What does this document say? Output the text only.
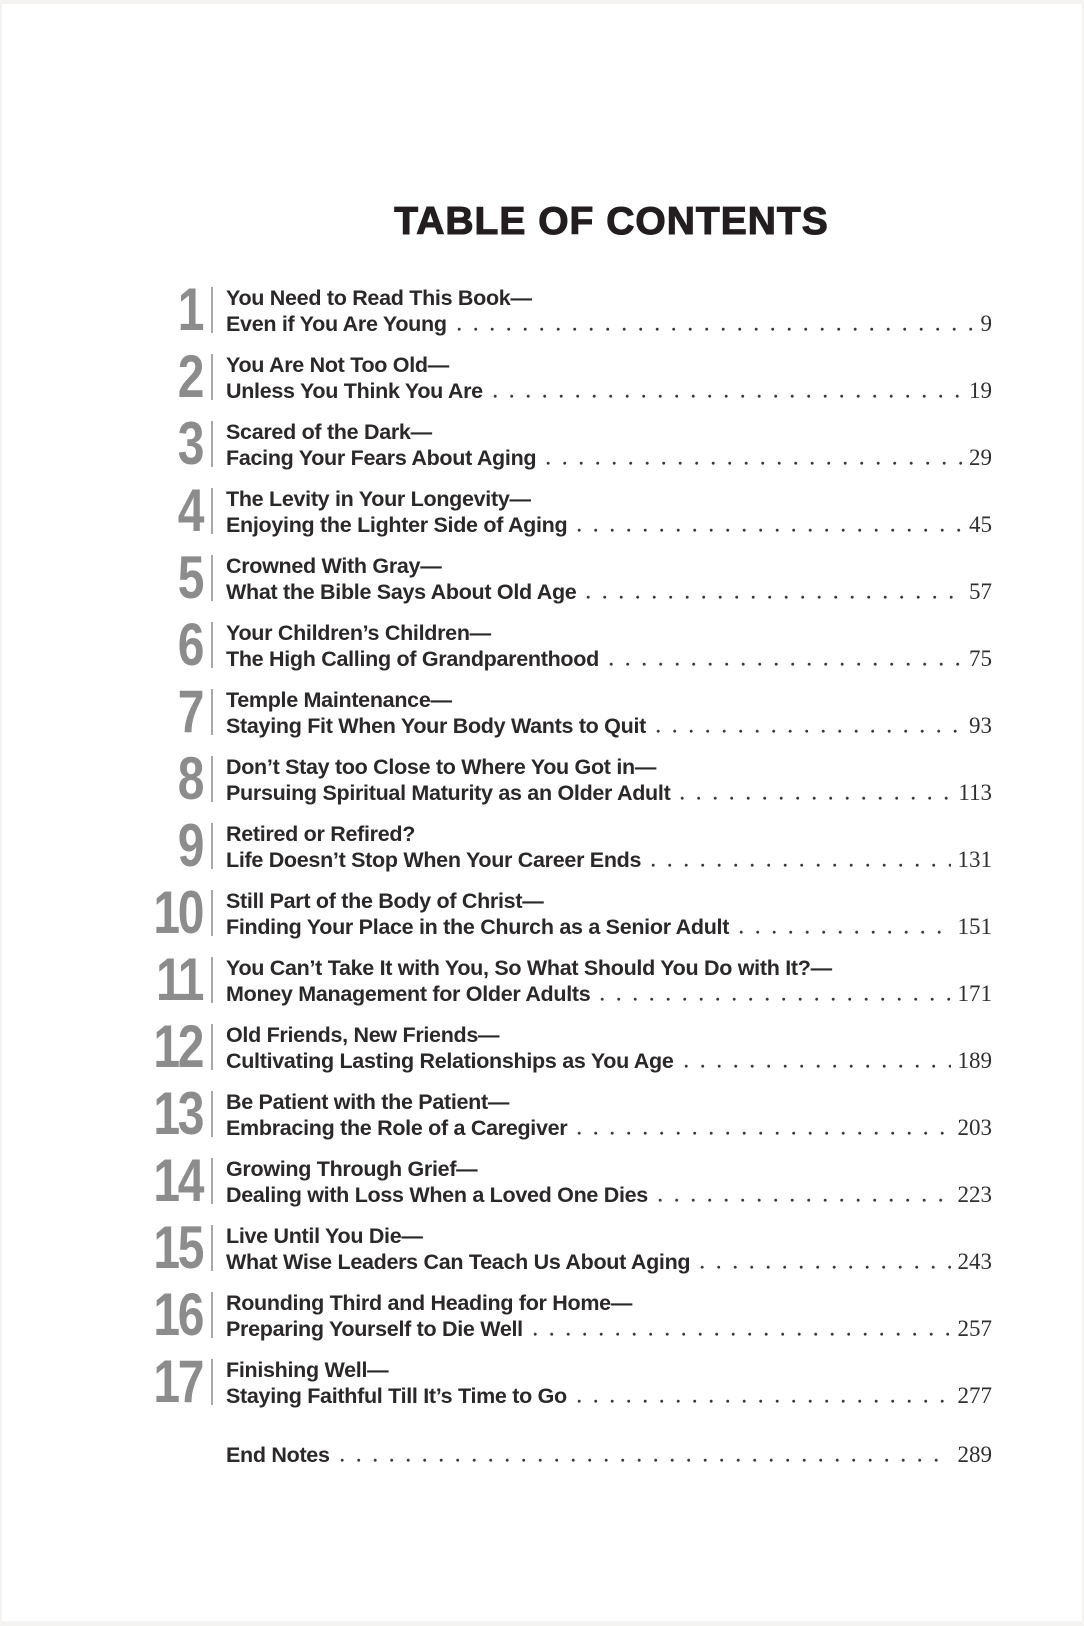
TABLE OF CONTENTS
1 You Need to Read This Book—
Even if You Are Young	9
2 You Are Not Too Old—
Unless You Think You Are	19
3 Scared of the Dark—
Facing Your Fears About Aging	29
4 The Levity in Your Longevity—
Enjoying the Lighter Side of Aging	45
5 Crowned With Gray—
What the Bible Says About Old Age	57
6 Your Children’s Children—
The High Calling of Grandparenthood	75
7 Temple Maintenance—
Staying Fit When Your Body Wants to Quit	93
8 Don’t Stay too Close to Where You Got in—
Pursuing Spiritual Maturity as an Older Adult	113
9 Retired or Refired?
Life Doesn’t Stop When Your Career Ends	131
10 Still Part of the Body of Christ—
Finding Your Place in the Church as a Senior Adult	151
11 You Can’t Take It with You, So What Should You Do with It?—
Money Management for Older Adults	171
12 Old Friends, New Friends—
Cultivating Lasting Relationships as You Age	189
13 Be Patient with the Patient—
Embracing the Role of a Caregiver	203
14 Growing Through Grief—
Dealing with Loss When a Loved One Dies	223
15 Live Until You Die—
What Wise Leaders Can Teach Us About Aging	243
16 Rounding Third and Heading for Home—
Preparing Yourself to Die Well	257
17 Finishing Well—
Staying Faithful Till It’s Time to Go	277
End Notes	289
